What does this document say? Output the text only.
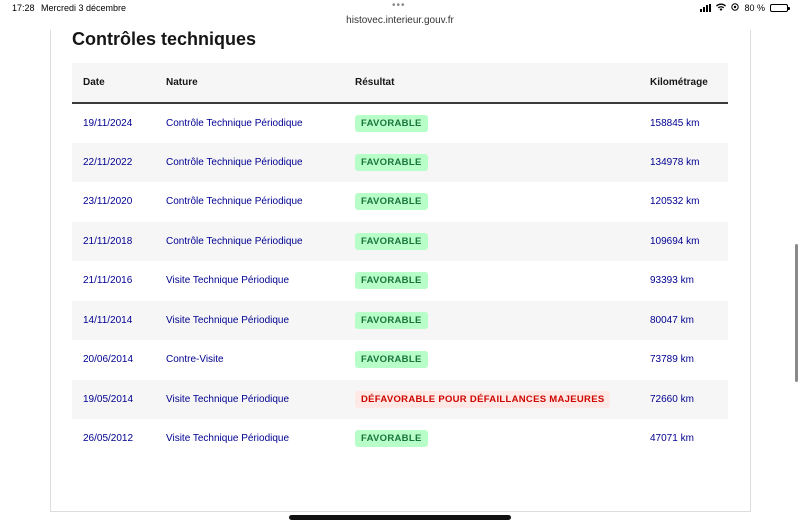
17:28 Mercredi 3 décembre	•••
histovec.interieur.gouv.fr
80 %
Contrôles techniques
Date	Nature	Résultat	Kilométrage
19/11/2024	Contrôle Technique Périodique	FAVORABLE	158845 km
22/11/2022	Contrôle Technique Périodique	FAVORABLE	134978 km
23/11/2020	Contrôle Technique Périodique	FAVORABLE	120532 km
21/11/2018	Contrôle Technique Périodique	FAVORABLE	109694 km
21/11/2016	Visite Technique Périodique	FAVORABLE	93393 km
14/11/2014	Visite Technique Périodique	FAVORABLE	80047 km
20/06/2014	Contre-Visite	FAVORABLE	73789 km
19/05/2014	Visite Technique Périodique	DÉFAVORABLE POUR DÉFAILLANCES MAJEURES	72660 km
26/05/2012	Visite Technique Périodique	FAVORABLE	47071 km
